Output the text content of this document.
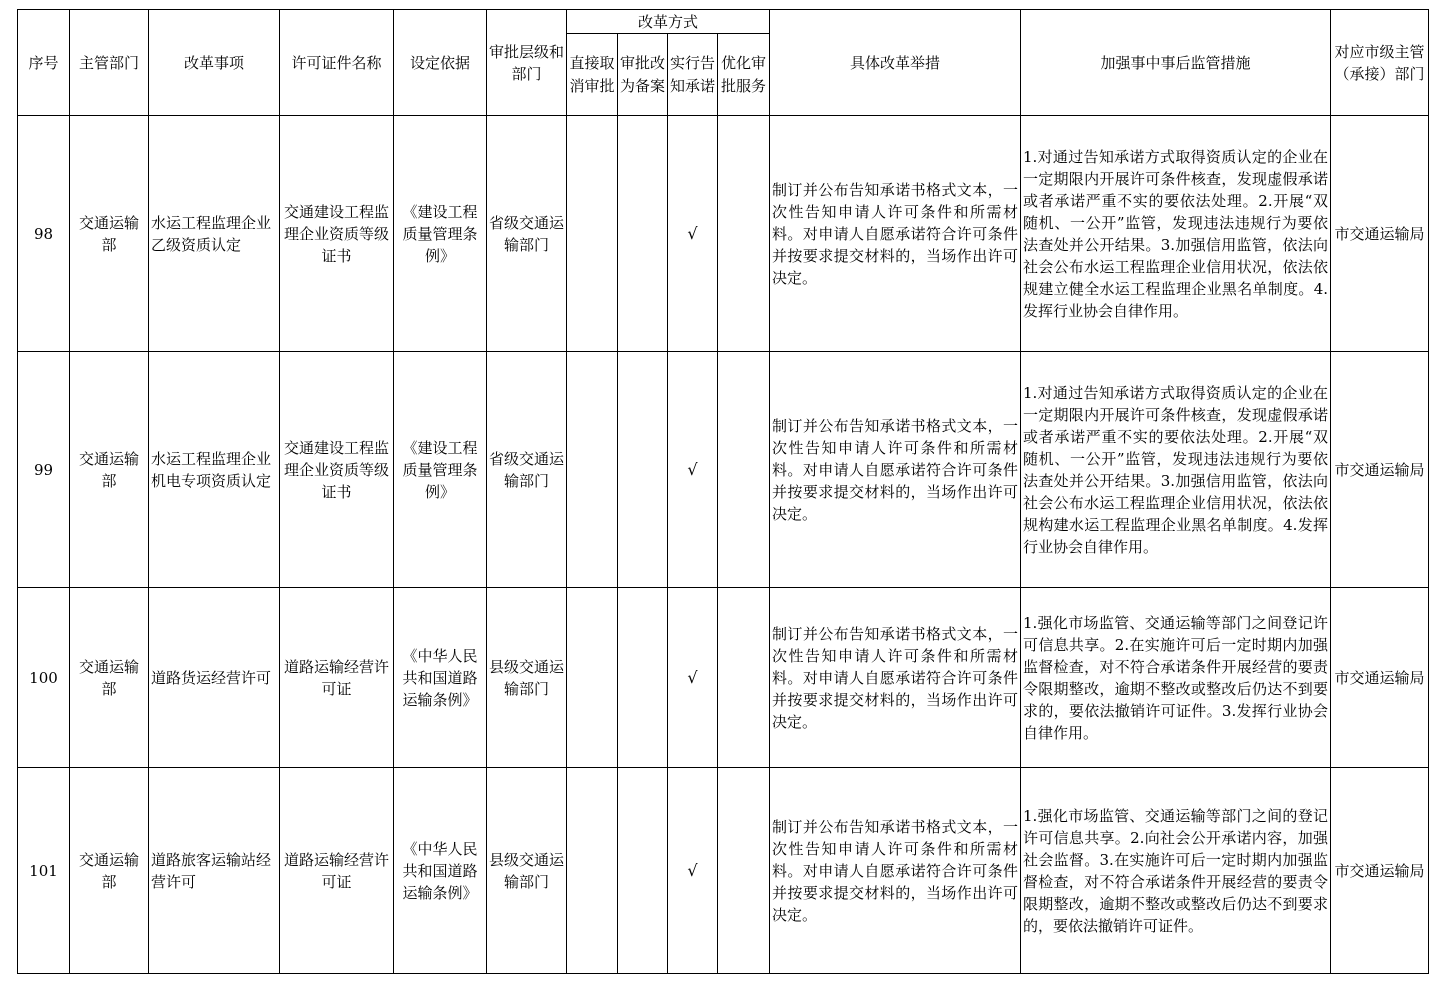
序号	主管部门	改革事项	许可证件名称	设定依据	审批层级和部门	改革方式				具体改革举措	加强事中事后监管措施	对应市级主管（承接）部门
						直接取消审批	审批改为备案	实行告知承诺	优化审批服务			
98	交通运输部	水运工程监理企业乙级资质认定	交通建设工程监理企业资质等级证书	《建设工程质量管理条例》	省级交通运输部门			√		制订并公布告知承诺书格式文本，一次性告知申请人许可条件和所需材料。对申请人自愿承诺符合许可条件并按要求提交材料的，当场作出许可决定。	1.对通过告知承诺方式取得资质认定的企业在一定期限内开展许可条件核查，发现虚假承诺或者承诺严重不实的要依法处理。2.开展“双随机、一公开”监管，发现违法违规行为要依法查处并公开结果。3.加强信用监管，依法向社会公布水运工程监理企业信用状况，依法依规建立健全水运工程监理企业黑名单制度。4.发挥行业协会自律作用。	市交通运输局
99	交通运输部	水运工程监理企业机电专项资质认定	交通建设工程监理企业资质等级证书	《建设工程质量管理条例》	省级交通运输部门			√		制订并公布告知承诺书格式文本，一次性告知申请人许可条件和所需材料。对申请人自愿承诺符合许可条件并按要求提交材料的，当场作出许可决定。	1.对通过告知承诺方式取得资质认定的企业在一定期限内开展许可条件核查，发现虚假承诺或者承诺严重不实的要依法处理。2.开展“双随机、一公开”监管，发现违法违规行为要依法查处并公开结果。3.加强信用监管，依法向社会公布水运工程监理企业信用状况，依法依规构建水运工程监理企业黑名单制度。4.发挥行业协会自律作用。	市交通运输局
100	交通运输部	道路货运经营许可	道路运输经营许可证	《中华人民共和国道路运输条例》	县级交通运输部门			√		制订并公布告知承诺书格式文本，一次性告知申请人许可条件和所需材料。对申请人自愿承诺符合许可条件并按要求提交材料的，当场作出许可决定。	1.强化市场监管、交通运输等部门之间登记许可信息共享。2.在实施许可后一定时期内加强监督检查，对不符合承诺条件开展经营的要责令限期整改，逾期不整改或整改后仍达不到要求的，要依法撤销许可证件。3.发挥行业协会自律作用。	市交通运输局
101	交通运输部	道路旅客运输站经营许可	道路运输经营许可证	《中华人民共和国道路运输条例》	县级交通运输部门			√		制订并公布告知承诺书格式文本，一次性告知申请人许可条件和所需材料。对申请人自愿承诺符合许可条件并按要求提交材料的，当场作出许可决定。	1.强化市场监管、交通运输等部门之间的登记许可信息共享。2.向社会公开承诺内容，加强社会监督。3.在实施许可后一定时期内加强监督检查，对不符合承诺条件开展经营的要责令限期整改，逾期不整改或整改后仍达不到要求的，要依法撤销许可证件。	市交通运输局
